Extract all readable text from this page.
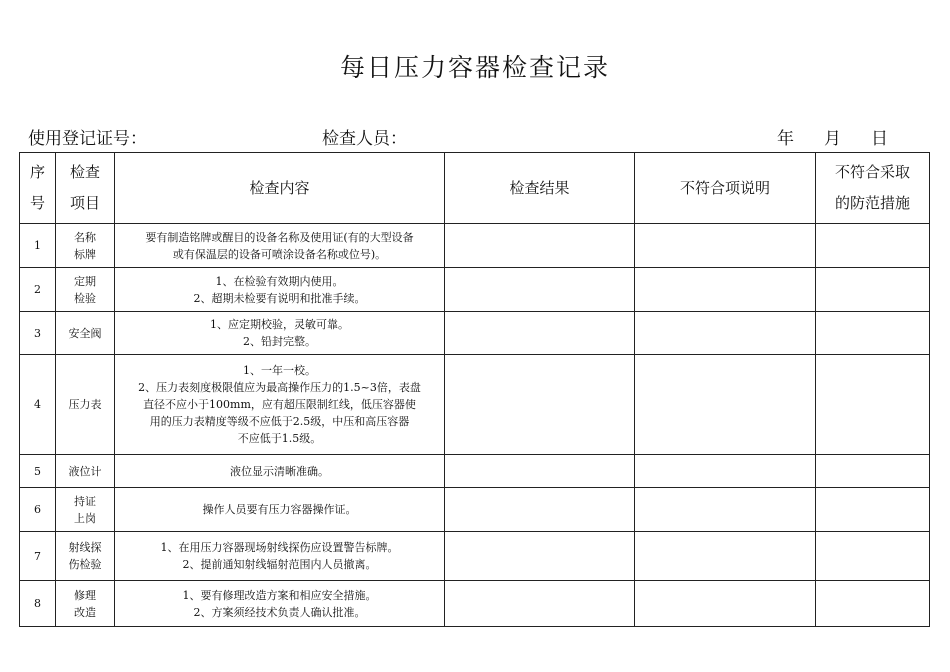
每日压力容器检查记录
使用登记证号：	检查人员：	年 月 日
序
号	检查
项目	检查内容	检查结果	不符合项说明	不符合采取
的防范措施

1	名称
标牌	要有制造铭牌或醒目的设备名称及使用证(有的大型设备
或有保温层的设备可喷涂设备名称或位号)。			

2	定期
检验	1、在检验有效期内使用。
2、超期未检要有说明和批准手续。			

3	安全阀	1、应定期校验，灵敏可靠。
2、铅封完整。			

4	压力表	1、一年一校。
2、压力表刻度极限值应为最高操作压力的1.5~3倍，表盘
直径不应小于100mm，应有超压限制红线，低压容器使
用的压力表精度等级不应低于2.5级，中压和高压容器
不应低于1.5级。			

5	液位计	液位显示清晰准确。			

6	持证
上岗	操作人员要有压力容器操作证。			

7	射线探
伤检验	1、在用压力容器现场射线探伤应设置警告标牌。
2、提前通知射线辐射范围内人员撤离。			

8	修理
改造	1、要有修理改造方案和相应安全措施。
2、方案须经技术负责人确认批准。			
